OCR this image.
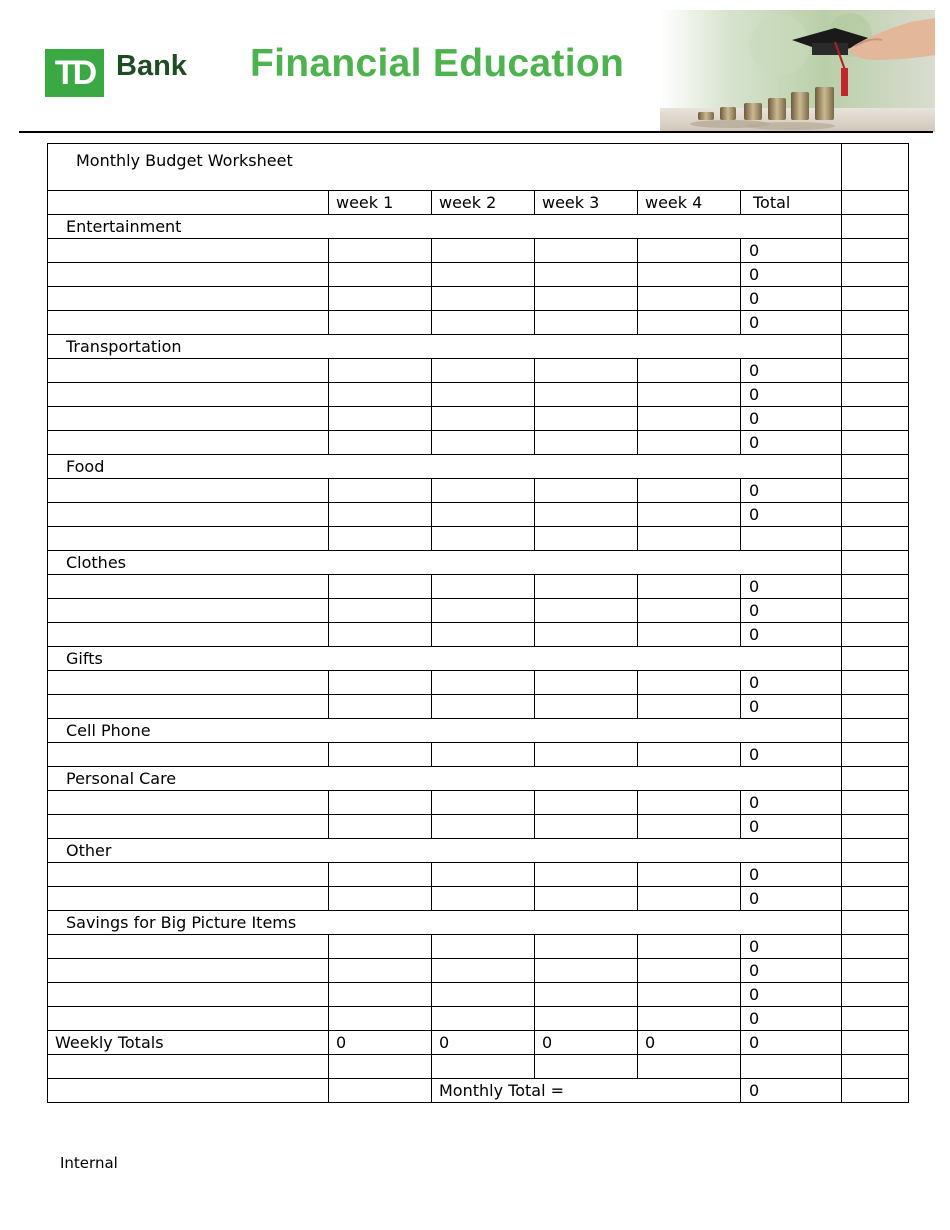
TD Bank Financial Education
Monthly Budget Worksheet						
	week 1	week 2	week 3	week 4	Total	
Entertainment						
					0	
					0	
					0	
					0	
Transportation						
					0	
					0	
					0	
					0	
Food						
					0	
					0	

Clothes						
					0	
					0	
					0	
Gifts						
					0	
					0	
Cell Phone						
					0	
Personal Care						
					0	
					0	
Other						
					0	
					0	
Savings for Big Picture Items						
					0	
					0	
					0	
					0	
Weekly Totals	0	0	0	0	0	

		Monthly Total =			0	
Internal
